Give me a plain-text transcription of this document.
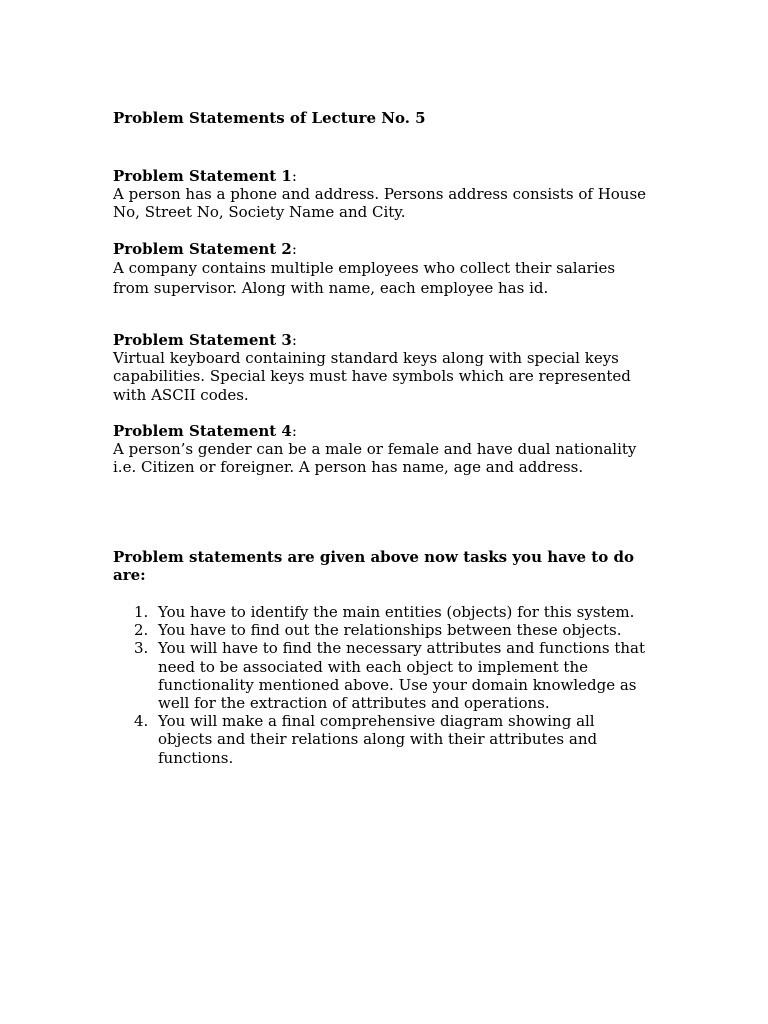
Problem Statements of Lecture No. 5

Problem Statement 1:

A person has a phone and address. Persons address consists of House

No, Street No, Society Name and City.

Problem Statement 2:

A company contains multiple employees who collect their salaries

from supervisor. Along with name, each employee has id.

Problem Statement 3:

Virtual keyboard containing standard keys along with special keys

capabilities. Special keys must have symbols which are represented

with ASCII codes.

Problem Statement 4:

A person’s gender can be a male or female and have dual nationality

i.e. Citizen or foreigner. A person has name, age and address.

Problem statements are given above now tasks you have to do

are:

1. You have to identify the main entities (objects) for this system.

2. You have to find out the relationships between these objects.

3. You will have to find the necessary attributes and functions that

need to be associated with each object to implement the

functionality mentioned above. Use your domain knowledge as

well for the extraction of attributes and operations.

4. You will make a final comprehensive diagram showing all

objects and their relations along with their attributes and

functions.
